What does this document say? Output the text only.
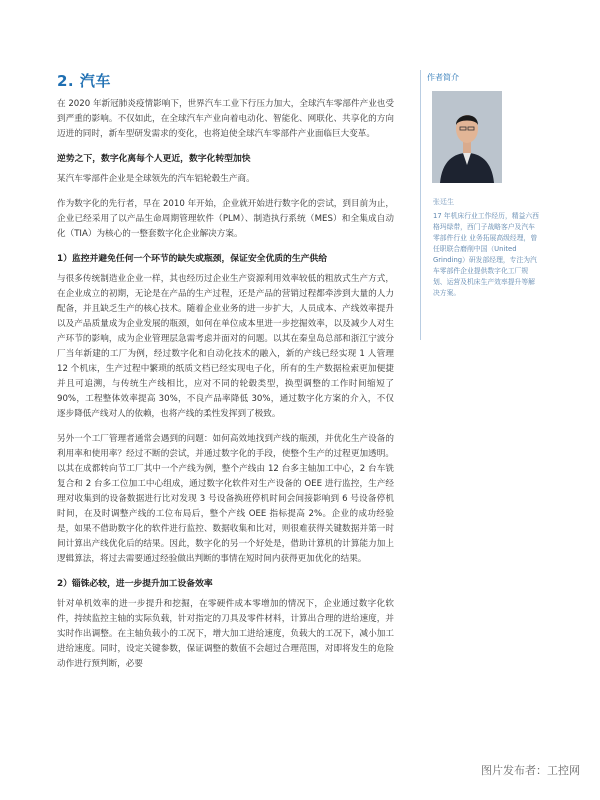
2. 汽车

在 2020 年新冠肺炎疫情影响下，世界汽车工业下行压力加大，全球汽车零部件产业也受到严重的影响。不仅如此，在全球汽车产业向着电动化、智能化、网联化、共享化的方向迈进的同时，新车型研发需求的变化，也将迫使全球汽车零部件产业面临巨大变革。

逆势之下，数字化离每个人更近，数字化转型加快

某汽车零部件企业是全球领先的汽车铝轮毂生产商。

作为数字化的先行者，早在 2010 年开始，企业就开始进行数字化的尝试，到目前为止，企业已经采用了以产品生命周期管理软件（PLM）、制造执行系统（MES）和全集成自动化（TIA）为核心的一整套数字化企业解决方案。

1）监控并避免任何一个环节的缺失或瓶颈，保证安全优质的生产供给

与很多传统制造业企业一样，其也经历过企业生产资源利用效率较低的粗放式生产方式，在企业成立的初期，无论是在产品的生产过程，还是产品的营销过程都牵涉到大量的人力配备，并且缺乏生产的核心技术。随着企业业务的进一步扩大，人员成本、产线效率提升以及产品质量成为企业发展的瓶颈，如何在单位成本里进一步挖掘效率，以及减少人对生产环节的影响，成为企业管理层急需考虑并面对的问题。以其在秦皇岛总部和浙江宁波分厂当年新建的工厂为例，经过数字化和自动化技术的融入，新的产线已经实现 1 人管理 12 个机床，生产过程中繁琐的纸质文档已经实现电子化，所有的生产数据检索更加便捷并且可追溯，与传统生产线相比，应对不同的轮毂类型，换型调整的工作时间缩短了 90%，工程整体效率提高 30%，不良产品率降低 30%，通过数字化方案的介入，不仅逐步降低产线对人的依赖，也将产线的柔性发挥到了极致。

另外一个工厂管理者通常会遇到的问题：如何高效地找到产线的瓶颈，并优化生产设备的利用率和使用率？经过不断的尝试，并通过数字化的手段，使整个生产的过程更加透明。以其在成都转向节工厂其中一个产线为例，整个产线由 12 台多主轴加工中心，2 台车铣复合和 2 台多工位加工中心组成，通过数字化软件对生产设备的 OEE 进行监控，生产经理对收集到的设备数据进行比对发现 3 号设备换班停机时间会间接影响到 6 号设备停机时间，在及时调整产线的工位布局后，整个产线 OEE 指标提高 2%。企业的成功经验是，如果不借助数字化的软件进行监控、数据收集和比对，则很难获得关键数据并第一时间计算出产线优化后的结果。因此，数字化的另一个好处是，借助计算机的计算能力加上逻辑算法，将过去需要通过经验做出判断的事情在短时间内获得更加优化的结果。

2）锱铢必较，进一步提升加工设备效率

针对单机效率的进一步提升和挖掘，在零硬件成本零增加的情况下，企业通过数字化软件，持续监控主轴的实际负载，针对指定的刀具及零件材料，计算出合理的进给速度，并实时作出调整。在主轴负载小的工况下，增大加工进给速度，负载大的工况下，减小加工进给速度。同时，设定关键参数，保证调整的数值不会超过合理范围，对即将发生的危险动作进行预判断，必要

作者简介
张廷生
17 年机床行业工作经历，精益六西格玛绿带，西门子战略客户及汽车零部件行业 业务拓展高级经理，曾任职联合磨削中国（United Grinding）研发部经理，专注为汽车零部件企业提供数字化工厂规划、运营及机床生产效率提升等解决方案。
图片发布者：工控网
